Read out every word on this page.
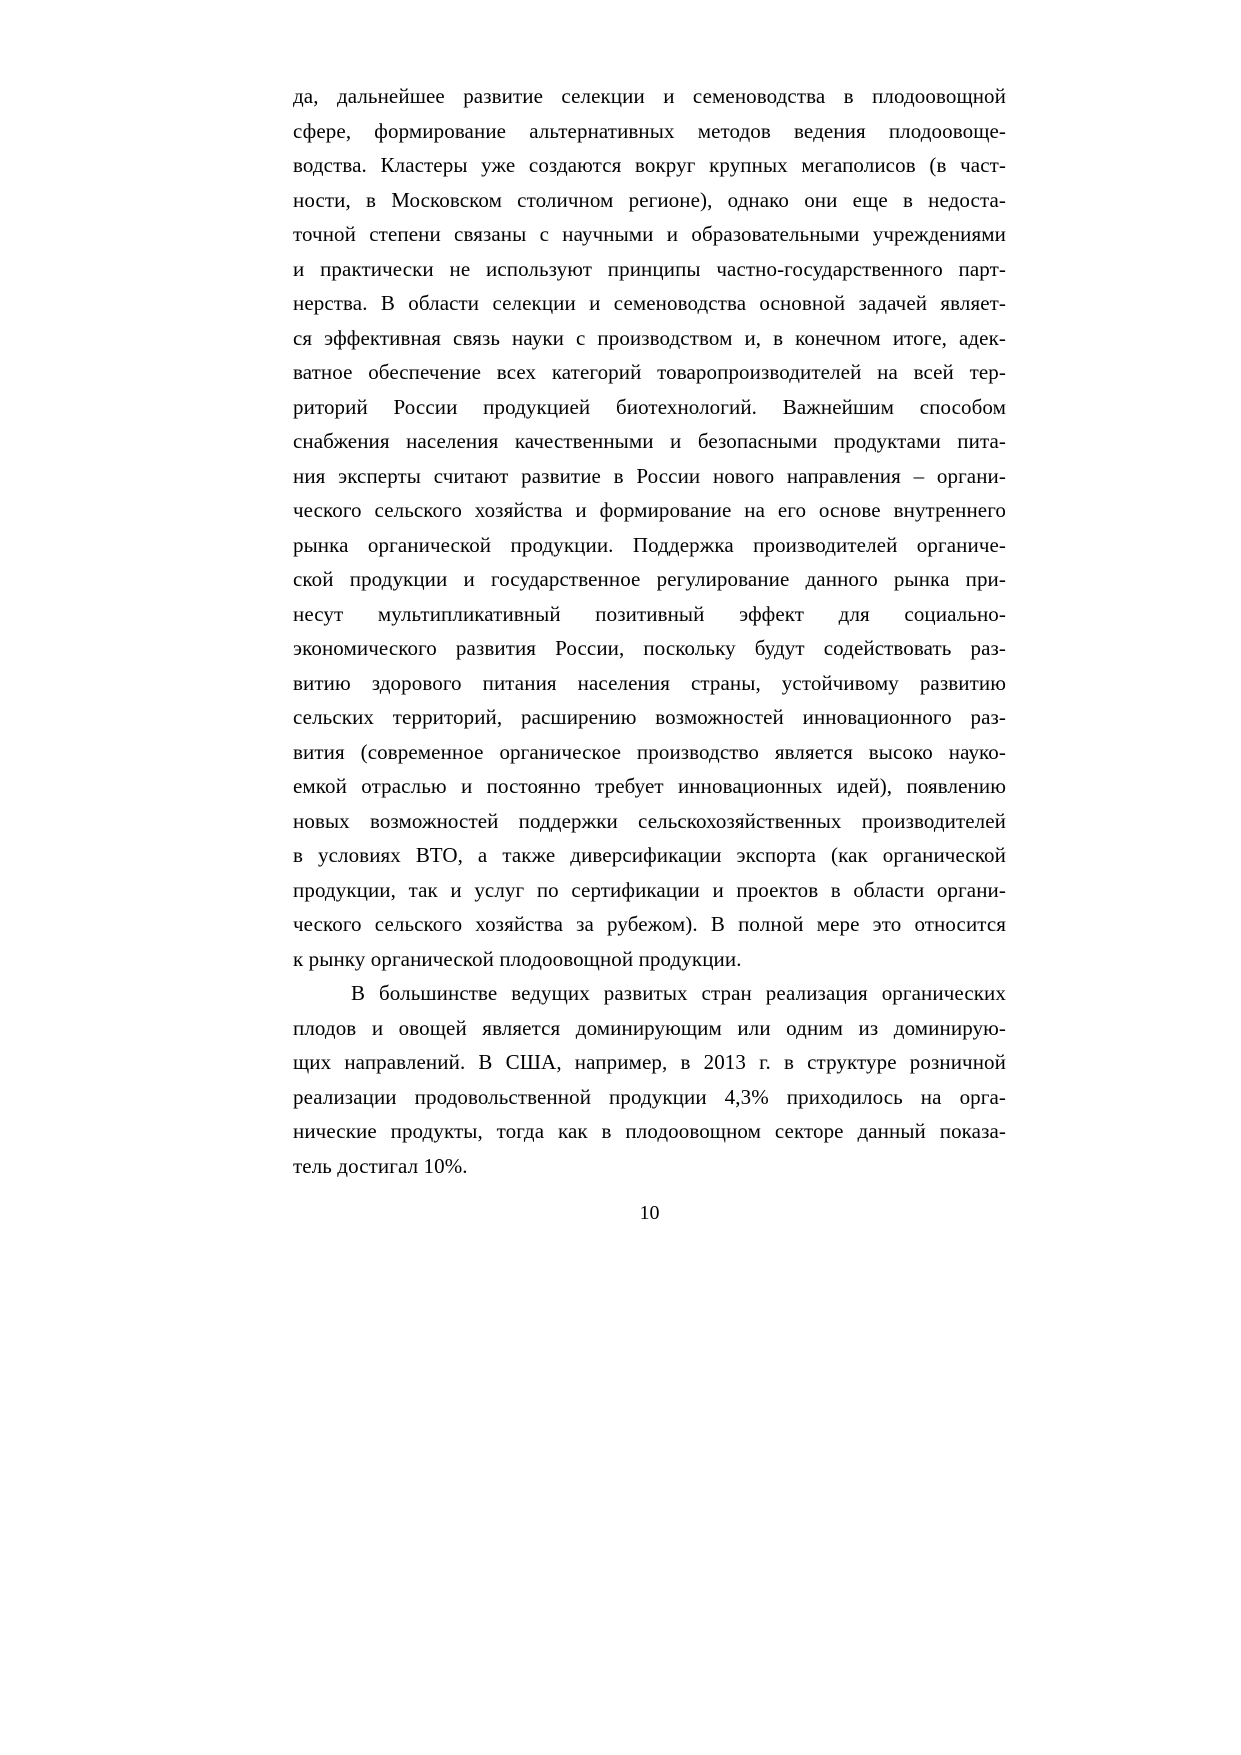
да, дальнейшее развитие селекции и семеноводства в плодоовощной
сфере, формирование альтернативных методов ведения плодоовоще-
водства. Кластеры уже создаются вокруг крупных мегаполисов (в част-
ности, в Московском столичном регионе), однако они еще в недоста-
точной степени связаны с научными и образовательными учреждениями
и практически не используют принципы частно-государственного парт-
нерства. В области селекции и семеноводства основной задачей являет-
ся эффективная связь науки с производством и, в конечном итоге, адек-
ватное обеспечение всех категорий товаропроизводителей на всей тер-
риторий России продукцией биотехнологий. Важнейшим способом
снабжения населения качественными и безопасными продуктами пита-
ния эксперты считают развитие в России нового направления – органи-
ческого сельского хозяйства и формирование на его основе внутреннего
рынка органической продукции. Поддержка производителей органиче-
ской продукции и государственное регулирование данного рынка при-
несут мультипликативный позитивный эффект для социально-
экономического развития России, поскольку будут содействовать раз-
витию здорового питания населения страны, устойчивому развитию
сельских территорий, расширению возможностей инновационного раз-
вития (современное органическое производство является высоко науко-
емкой отраслью и постоянно требует инновационных идей), появлению
новых возможностей поддержки сельскохозяйственных производителей
в условиях ВТО, а также диверсификации экспорта (как органической
продукции, так и услуг по сертификации и проектов в области органи-
ческого сельского хозяйства за рубежом). В полной мере это относится
к рынку органической плодоовощной продукции.
В большинстве ведущих развитых стран реализация органических
плодов и овощей является доминирующим или одним из доминирую-
щих направлений. В США, например, в 2013 г. в структуре розничной
реализации продовольственной продукции 4,3% приходилось на орга-
нические продукты, тогда как в плодоовощном секторе данный показа-
тель достигал 10%.
10
